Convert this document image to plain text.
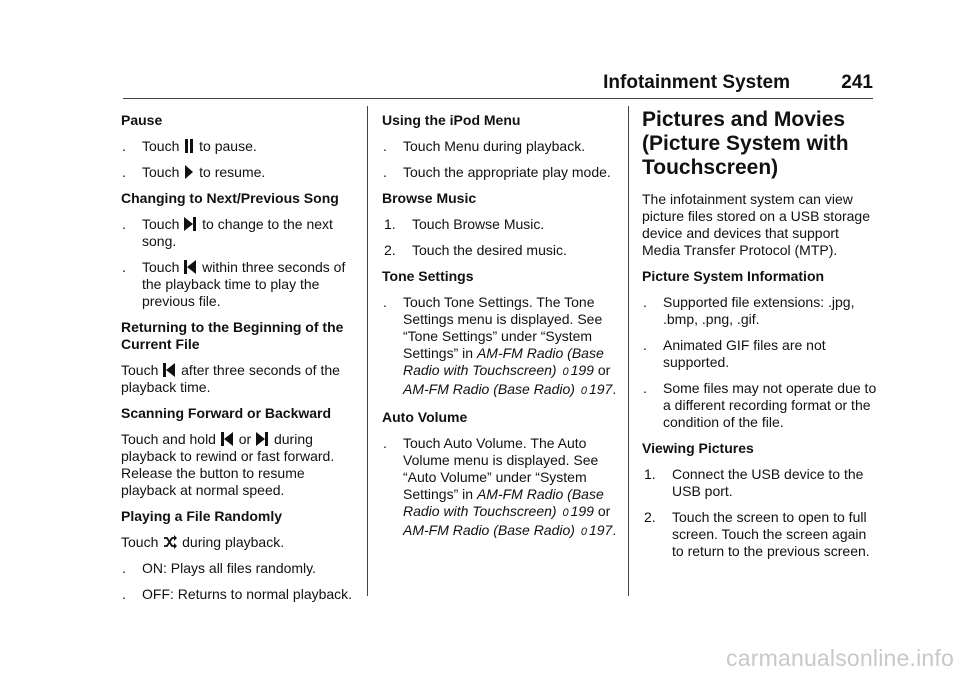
Infotainment System	241
Pause
. Touch to pause.
. Touch to resume.
Changing to Next/Previous Song
. Touch to change to the next song.
. Touch within three seconds of the playback time to play the previous file.
Returning to the Beginning of the Current File
Touch after three seconds of the playback time.
Scanning Forward or Backward
Touch and hold or during playback to rewind or fast forward. Release the button to resume playback at normal speed.
Playing a File Randomly
Touch during playback.
. ON: Plays all files randomly.
. OFF: Returns to normal playback.
Using the iPod Menu
. Touch Menu during playback.
. Touch the appropriate play mode.
Browse Music
1. Touch Browse Music.
2. Touch the desired music.
Tone Settings
. Touch Tone Settings. The Tone Settings menu is displayed. See “Tone Settings” under “System Settings” in AM-FM Radio (Base Radio with Touchscreen) 0 199 or AM-FM Radio (Base Radio) 0 197.
Auto Volume
. Touch Auto Volume. The Auto Volume menu is displayed. See “Auto Volume” under “System Settings” in AM-FM Radio (Base Radio with Touchscreen) 0 199 or AM-FM Radio (Base Radio) 0 197.
Pictures and Movies (Picture System with Touchscreen)
The infotainment system can view picture files stored on a USB storage device and devices that support Media Transfer Protocol (MTP).
Picture System Information
. Supported file extensions: .jpg, .bmp, .png, .gif.
. Animated GIF files are not supported.
. Some files may not operate due to a different recording format or the condition of the file.
Viewing Pictures
1. Connect the USB device to the USB port.
2. Touch the screen to open to full screen. Touch the screen again to return to the previous screen.
carmanualsonline.info
